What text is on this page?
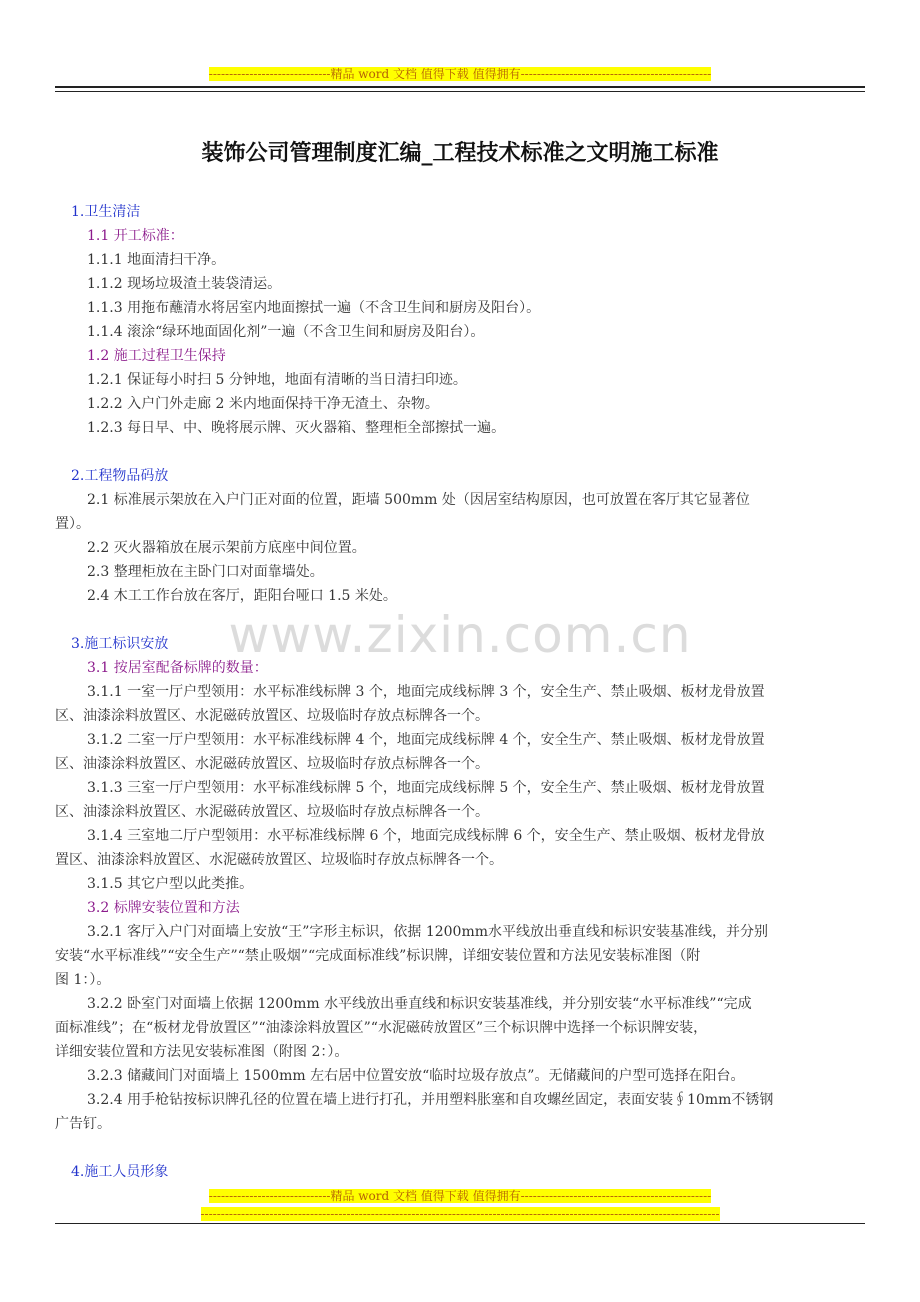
------------------------------精品 word 文档 值得下载 值得拥有-----------------------------------------------
装饰公司管理制度汇编_工程技术标准之文明施工标准
www.zixin.com.cn
1.卫生清洁
1.1 开工标准：
1.1.1 地面清扫干净。
1.1.2 现场垃圾渣土装袋清运。
1.1.3 用拖布蘸清水将居室内地面擦拭一遍（不含卫生间和厨房及阳台）。
1.1.4 滚涂“绿环地面固化剂”一遍（不含卫生间和厨房及阳台）。
1.2 施工过程卫生保持
1.2.1 保证每小时扫 5 分钟地，地面有清晰的当日清扫印迹。
1.2.2 入户门外走廊 2 米内地面保持干净无渣土、杂物。
1.2.3 每日早、中、晚将展示牌、灭火器箱、整理柜全部擦拭一遍。
2.工程物品码放
2.1 标准展示架放在入户门正对面的位置，距墙 500mm 处（因居室结构原因，也可放置在客厅其它显著位
置）。
2.2 灭火器箱放在展示架前方底座中间位置。
2.3 整理柜放在主卧门口对面靠墙处。
2.4 木工工作台放在客厅，距阳台哑口 1.5 米处。
3.施工标识安放
3.1 按居室配备标牌的数量：
3.1.1 一室一厅户型领用：水平标准线标牌 3 个，地面完成线标牌 3 个，安全生产、禁止吸烟、板材龙骨放置
区、油漆涂料放置区、水泥磁砖放置区、垃圾临时存放点标牌各一个。
3.1.2 二室一厅户型领用：水平标准线标牌 4 个，地面完成线标牌 4 个，安全生产、禁止吸烟、板材龙骨放置
区、油漆涂料放置区、水泥磁砖放置区、垃圾临时存放点标牌各一个。
3.1.3 三室一厅户型领用：水平标准线标牌 5 个，地面完成线标牌 5 个，安全生产、禁止吸烟、板材龙骨放置
区、油漆涂料放置区、水泥磁砖放置区、垃圾临时存放点标牌各一个。
3.1.4 三室地二厅户型领用：水平标准线标牌 6 个，地面完成线标牌 6 个，安全生产、禁止吸烟、板材龙骨放
置区、油漆涂料放置区、水泥磁砖放置区、垃圾临时存放点标牌各一个。
3.1.5 其它户型以此类推。
3.2 标牌安装位置和方法
3.2.1 客厅入户门对面墙上安放“王”字形主标识，依据 1200mm水平线放出垂直线和标识安装基准线，并分别
安装“水平标准线”“安全生产”“禁止吸烟”“完成面标准线”标识牌，详细安装位置和方法见安装标准图（附
图 1：）。
3.2.2 卧室门对面墙上依据 1200mm 水平线放出垂直线和标识安装基准线，并分别安装“水平标准线”“完成
面标准线”；在“板材龙骨放置区”“油漆涂料放置区”“水泥磁砖放置区”三个标识牌中选择一个标识牌安装，
详细安装位置和方法见安装标准图（附图 2：）。
3.2.3 储藏间门对面墙上 1500mm 左右居中位置安放“临时垃圾存放点”。无储藏间的户型可选择在阳台。
3.2.4 用手枪钻按标识牌孔径的位置在墙上进行打孔，并用塑料胀塞和自攻螺丝固定，表面安装∮10mm不锈钢
广告钉。
4.施工人员形象
------------------------------精品 word 文档 值得下载 值得拥有-----------------------------------------------
--------------------------------------------------------------------------------------------------------------------------------
